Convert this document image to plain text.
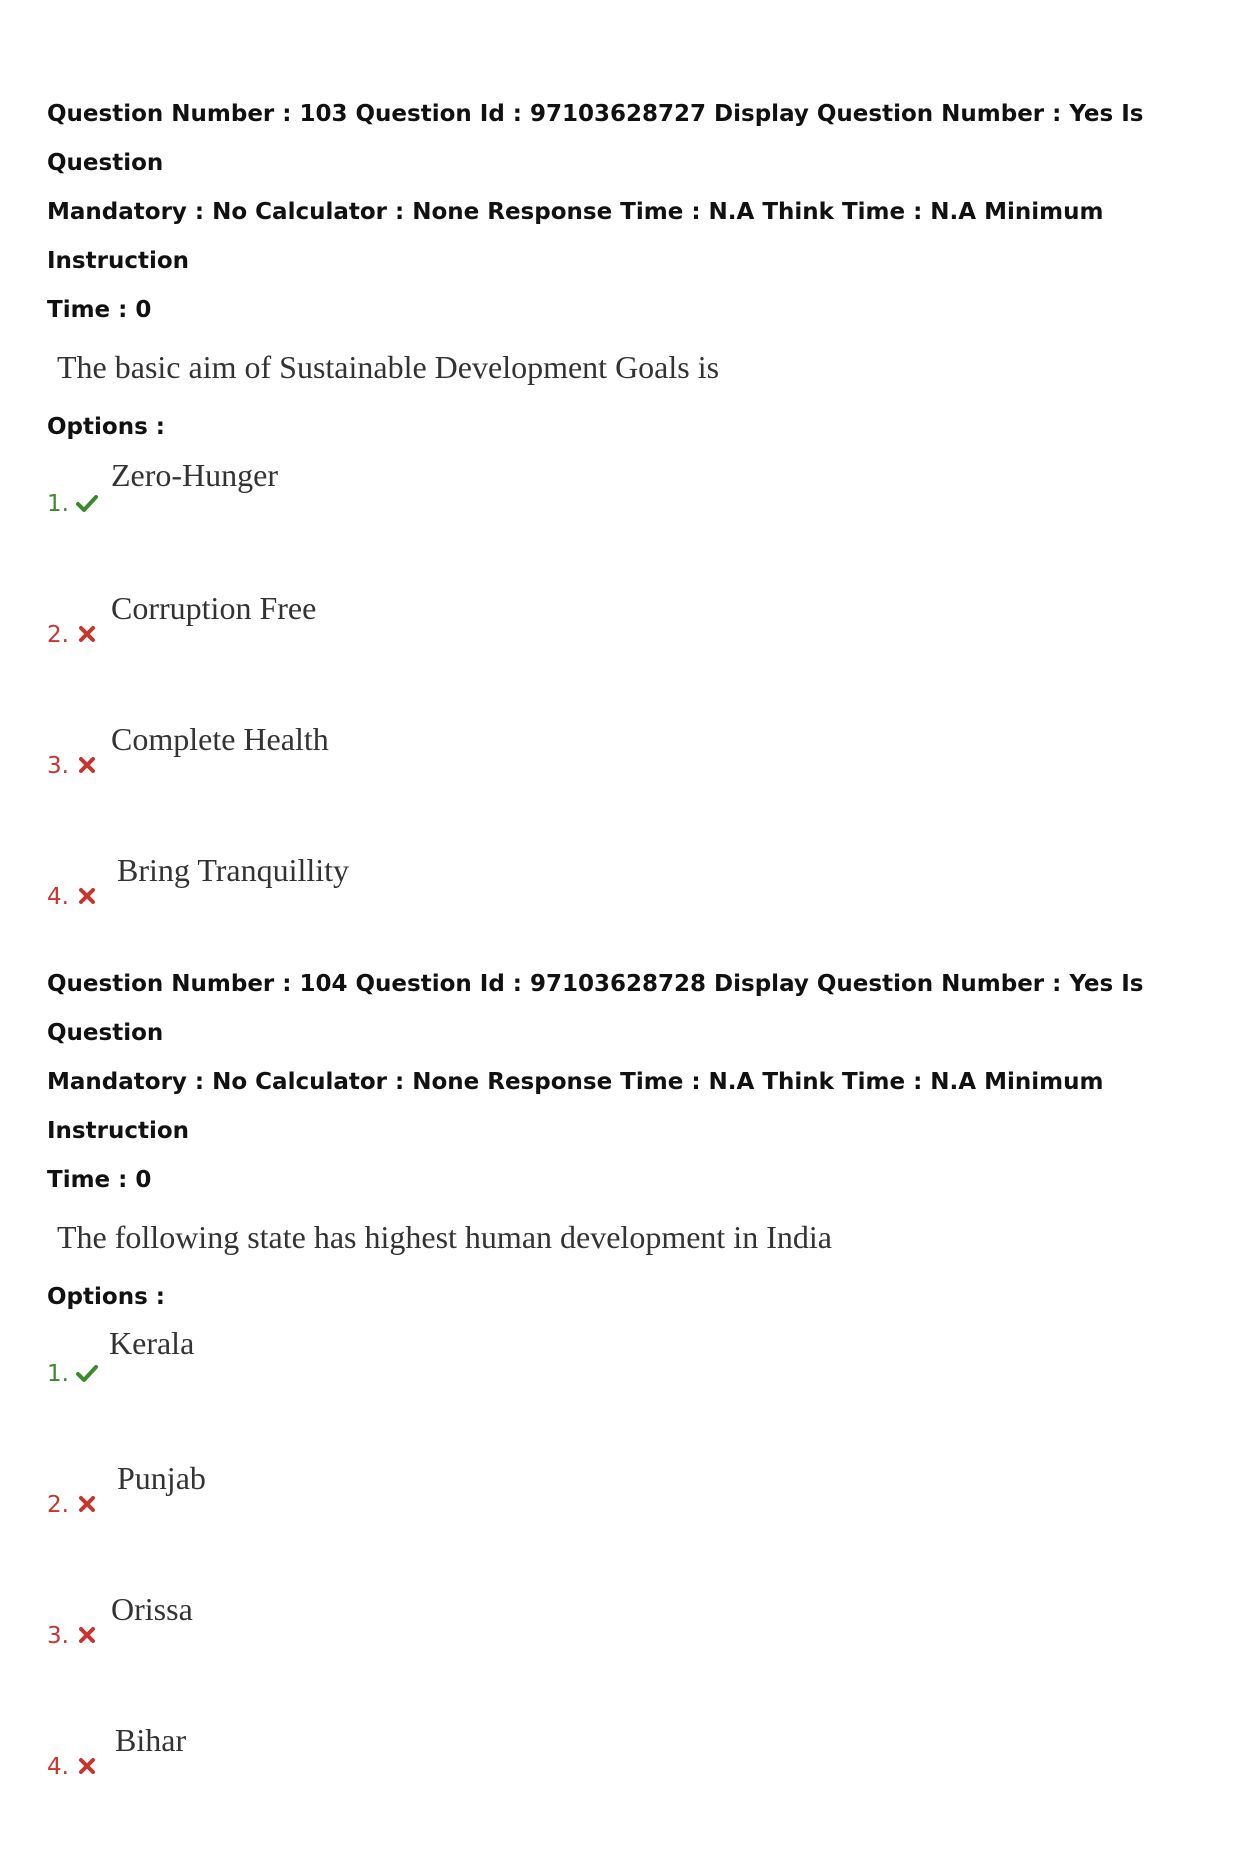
Question Number : 103 Question Id : 97103628727 Display Question Number : Yes Is Question

Mandatory : No Calculator : None Response Time : N.A Think Time : N.A Minimum Instruction

Time : 0

The basic aim of Sustainable Development Goals is

Options :

1.
Zero-Hunger
2.
Corruption Free
3.
Complete Health
4.
Bring Tranquillity

Question Number : 104 Question Id : 97103628728 Display Question Number : Yes Is Question

Mandatory : No Calculator : None Response Time : N.A Think Time : N.A Minimum Instruction

Time : 0

The following state has highest human development in India

Options :

1.
Kerala
2.
Punjab
3.
Orissa
4.
Bihar
